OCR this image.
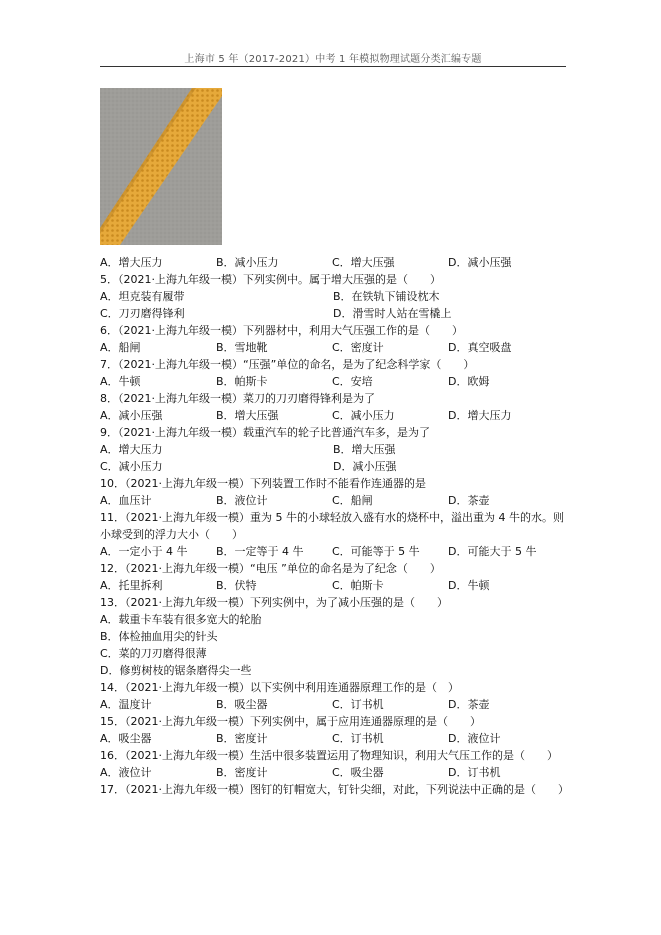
上海市 5 年（2017-2021）中考 1 年模拟物理试题分类汇编专题
A．增大压力	B．减小压力	C．增大压强	D．减小压强
5．（2021·上海九年级一模）下列实例中。属于增大压强的是（　　）
A．坦克装有履带	B．在铁轨下铺设枕木
C．刀刃磨得锋利	D．滑雪时人站在雪橇上
6．（2021·上海九年级一模）下列器材中，利用大气压强工作的是（　　）
A．船闸	B．雪地靴	C．密度计	D．真空吸盘
7．（2021·上海九年级一模）“压强”单位的命名，是为了纪念科学家（　　）
A．牛顿	B．帕斯卡	C．安培	D．欧姆
8．（2021·上海九年级一模）菜刀的刀刃磨得锋利是为了
A．减小压强	B．增大压强	C．减小压力	D．增大压力
9．（2021·上海九年级一模）载重汽车的轮子比普通汽车多，是为了
A．增大压力	B．增大压强
C．减小压力	D．减小压强
10．（2021·上海九年级一模）下列装置工作时不能看作连通器的是
A．血压计	B．液位计	C．船闸	D．茶壶
11．（2021·上海九年级一模）重为 5 牛的小球轻放入盛有水的烧杯中，溢出重为 4 牛的水。则小球受到的浮力大小（　　）
A．一定小于 4 牛	B．一定等于 4 牛	C．可能等于 5 牛	D．可能大于 5 牛
12．（2021·上海九年级一模）“电压 ”单位的命名是为了纪念（　　）
A．托里拆利	B．伏特	C．帕斯卡	D．牛顿
13．（2021·上海九年级一模）下列实例中，为了减小压强的是（　　）
A．载重卡车装有很多宽大的轮胎
B．体检抽血用尖的针头
C．菜的刀刃磨得很薄
D．修剪树枝的锯条磨得尖一些
14．（2021·上海九年级一模）以下实例中利用连通器原理工作的是（　）
A．温度计	B．吸尘器	C．订书机	D．茶壶
15．（2021·上海九年级一模）下列实例中，属于应用连通器原理的是（　　）
A．吸尘器	B．密度计	C．订书机	D．液位计
16．（2021·上海九年级一模）生活中很多装置运用了物理知识，利用大气压工作的是（　　）
A．液位计	B．密度计	C．吸尘器	D．订书机
17．（2021·上海九年级一模）图钉的钉帽宽大，钉针尖细，对此，下列说法中正确的是（　　）
